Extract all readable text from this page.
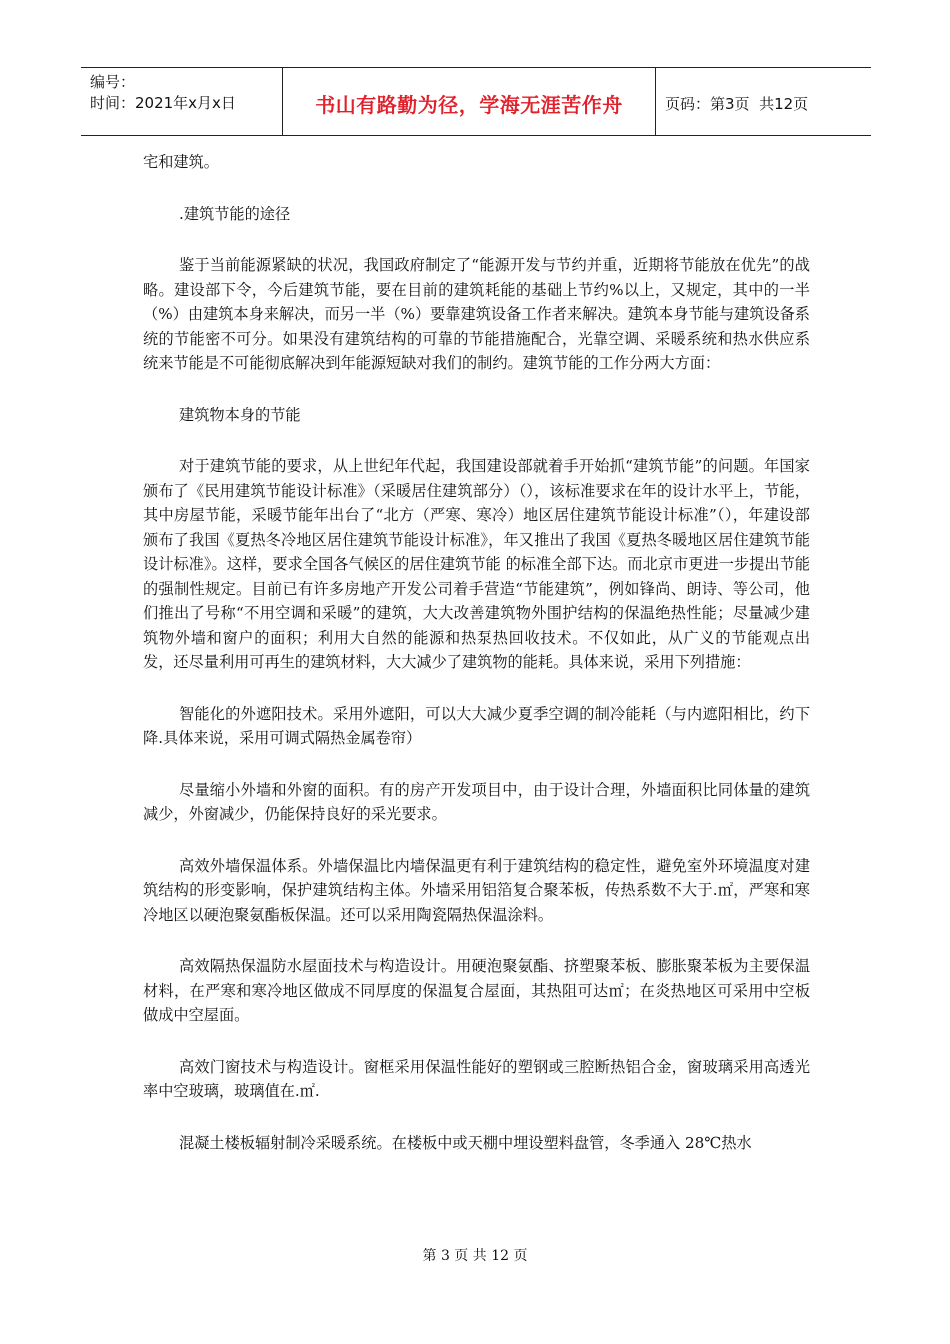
编号：
时间：2021年x月x日	书山有路勤为径，学海无涯苦作舟	页码：第3页  共12页

宅和建筑。

.建筑节能的途径

鉴于当前能源紧缺的状况，我国政府制定了“能源开发与节约并重，近期将节能放在优先”的战略。建设部下令，今后建筑节能，要在目前的建筑耗能的基础上节约%以上，又规定，其中的一半（%）由建筑本身来解决，而另一半（%）要靠建筑设备工作者来解决。建筑本身节能与建筑设备系统的节能密不可分。如果没有建筑结构的可靠的节能措施配合，光靠空调、采暖系统和热水供应系统来节能是不可能彻底解决到年能源短缺对我们的制约。建筑节能的工作分两大方面：

建筑物本身的节能

对于建筑节能的要求，从上世纪年代起，我国建设部就着手开始抓“建筑节能”的问题。年国家颁布了《民用建筑节能设计标准》（采暖居住建筑部分）（），该标准要求在年的设计水平上，节能，其中房屋节能，采暖节能年出台了“北方（严寒、寒冷）地区居住建筑节能设计标准”（），年建设部颁布了我国《夏热冬冷地区居住建筑节能设计标准》，年又推出了我国《夏热冬暖地区居住建筑节能设计标准》。这样，要求全国各气候区的居住建筑节能 的标准全部下达。而北京市更进一步提出节能的强制性规定。目前已有许多房地产开发公司着手营造“节能建筑”，例如锋尚、朗诗、等公司，他们推出了号称“不用空调和采暖”的建筑，大大改善建筑物外围护结构的保温绝热性能；尽量减少建筑物外墙和窗户的面积；利用大自然的能源和热泵热回收技术。不仅如此，从广义的节能观点出发，还尽量利用可再生的建筑材料，大大减少了建筑物的能耗。具体来说，采用下列措施：

智能化的外遮阳技术。采用外遮阳，可以大大减少夏季空调的制冷能耗（与内遮阳相比，约下降.具体来说，采用可调式隔热金属卷帘）

尽量缩小外墙和外窗的面积。有的房产开发项目中，由于设计合理，外墙面积比同体量的建筑减少，外窗减少，仍能保持良好的采光要求。

高效外墙保温体系。外墙保温比内墙保温更有利于建筑结构的稳定性，避免室外环境温度对建筑结构的形变影响，保护建筑结构主体。外墙采用铝箔复合聚苯板，传热系数不大于.㎡，严寒和寒冷地区以硬泡聚氨酯板保温。还可以采用陶瓷隔热保温涂料。

高效隔热保温防水屋面技术与构造设计。用硬泡聚氨酯、挤塑聚苯板、膨胀聚苯板为主要保温材料，在严寒和寒冷地区做成不同厚度的保温复合屋面，其热阻可达㎡；在炎热地区可采用中空板做成中空屋面。

高效门窗技术与构造设计。窗框采用保温性能好的塑钢或三腔断热铝合金，窗玻璃采用高透光率中空玻璃，玻璃值在.㎡.

混凝土楼板辐射制冷采暖系统。在楼板中或天棚中埋设塑料盘管，冬季通入 28℃热水

第 3 页 共 12 页
